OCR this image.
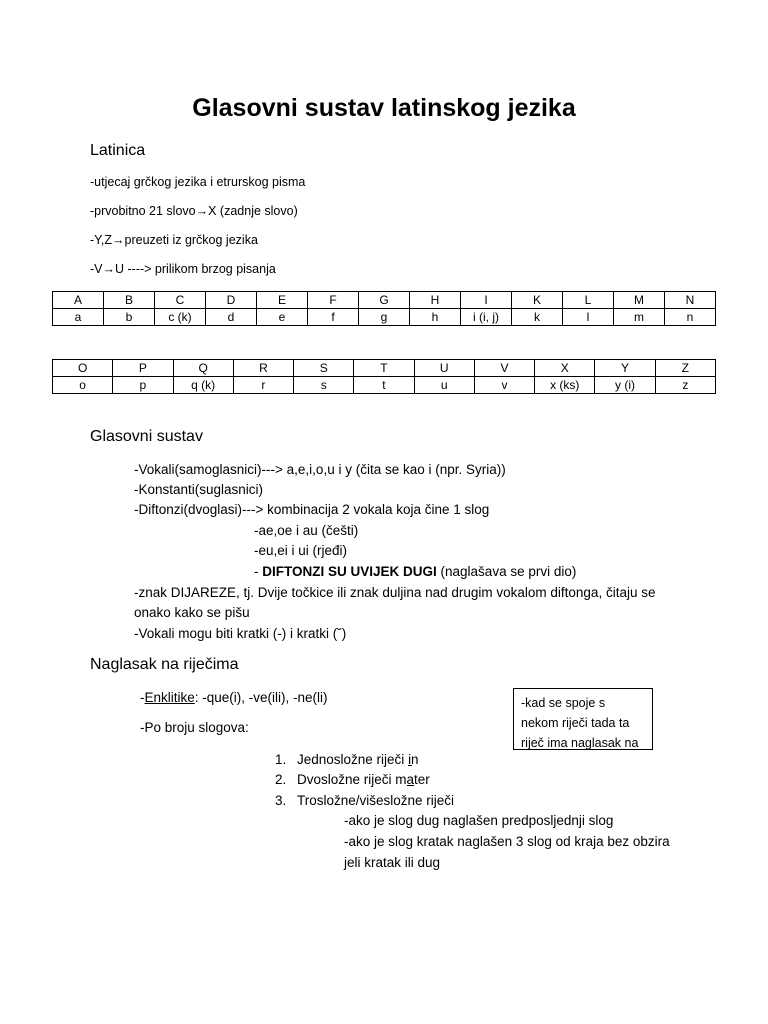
Glasovni sustav latinskog jezika
Latinica
-utjecaj grčkog jezika i etrurskog pisma
-prvobitno 21 slovo→X (zadnje slovo)
-Y,Z→preuzeti iz grčkog jezika
-V→U ----> prilikom brzog pisanja
A	B	C	D	E	F	G	H	I	K	L	M	N
a	b	c (k)	d	e	f	g	h	i (i, j)	k	l	m	n
O	P	Q	R	S	T	U	V	X	Y	Z
o	p	q (k)	r	s	t	u	v	x (ks)	y (i)	z
Glasovni sustav
-Vokali(samoglasnici)---> a,e,i,o,u i y (čita se kao i (npr. Syria))
-Konstanti(suglasnici)
-Diftonzi(dvoglasi)---> kombinacija 2 vokala koja čine 1 slog
-ae,oe i au (češti)
-eu,ei i ui (rjeđi)
- DIFTONZI SU UVIJEK DUGI (naglašava se prvi dio)
-znak DIJAREZE, tj. Dvije točkice ili znak duljina nad drugim vokalom diftonga, čitaju se
onako kako se pišu
-Vokali mogu biti kratki (-) i kratki (˘)
Naglasak na riječima
-Enklitike: -que(i), -ve(ili), -ne(li)
-Po broju slogova:
1. Jednosložne riječi in
2. Dvosložne riječi mater
3. Trosložne/višesložne riječi
-ako je slog dug naglašen predposljednji slog
-ako je slog kratak naglašen 3 slog od kraja bez obzira
jeli kratak ili dug
-kad se spoje s
nekom riječi tada ta
riječ ima naglasak na
